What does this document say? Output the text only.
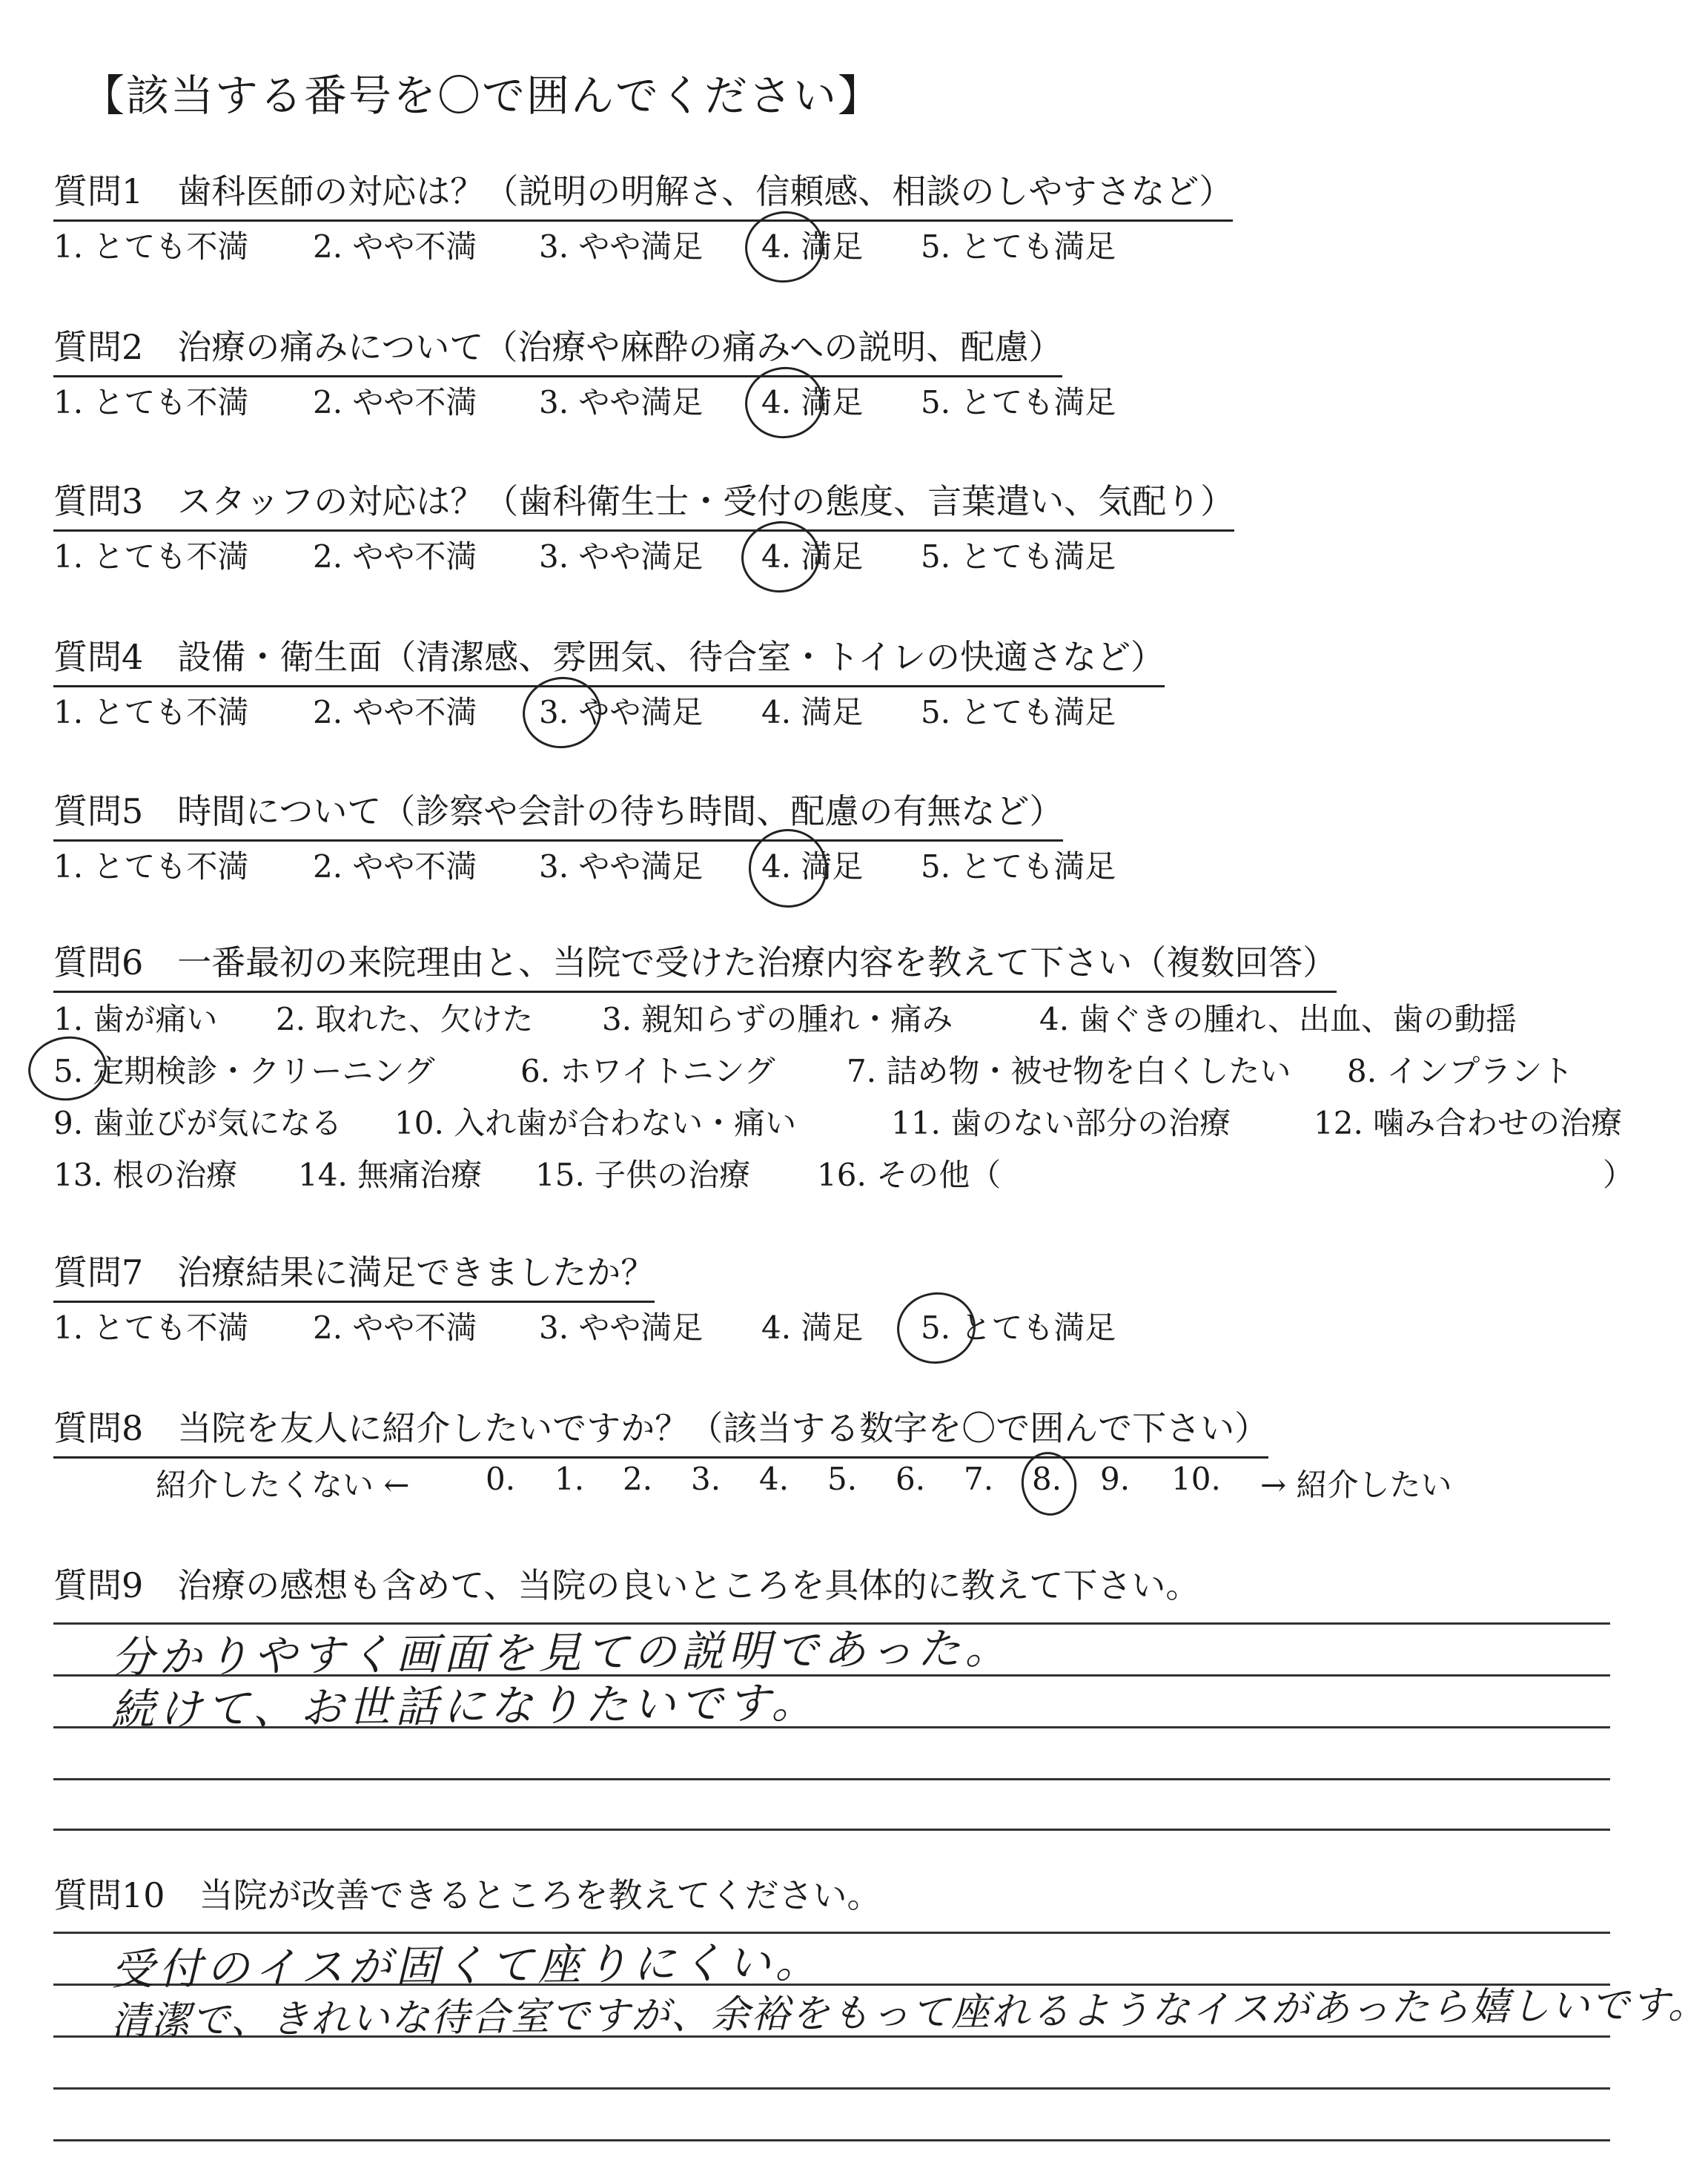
【該当する番号を〇で囲んでください】
質問1　歯科医師の対応は？（説明の明解さ、信頼感、相談のしやすさなど）
1. とても不満 2. やや不満 3. やや満足 4. 満足 5. とても満足
質問2　治療の痛みについて（治療や麻酔の痛みへの説明、配慮）
1. とても不満 2. やや不満 3. やや満足 4. 満足 5. とても満足
質問3　スタッフの対応は？（歯科衛生士・受付の態度、言葉遣い、気配り）
1. とても不満 2. やや不満 3. やや満足 4. 満足 5. とても満足
質問4　設備・衛生面（清潔感、雰囲気、待合室・トイレの快適さなど）
1. とても不満 2. やや不満 3. やや満足 4. 満足 5. とても満足
質問5　時間について（診察や会計の待ち時間、配慮の有無など）
1. とても不満 2. やや不満 3. やや満足 4. 満足 5. とても満足
質問6　一番最初の来院理由と、当院で受けた治療内容を教えて下さい（複数回答）
1. 歯が痛い 2. 取れた、欠けた 3. 親知らずの腫れ・痛み	4. 歯ぐきの腫れ、出血、歯の動揺
5. 定期検診・クリーニング	6. ホワイトニング 7. 詰め物・被せ物を白くしたい 8. インプラント
9. 歯並びが気になる 10. 入れ歯が合わない・痛い	11. 歯のない部分の治療	12. 噛み合わせの治療
13. 根の治療 14. 無痛治療 15. 子供の治療 16. その他（	）
質問7　治療結果に満足できましたか？
1. とても不満 2. やや不満 3. やや満足 4. 満足 5. とても満足
質問8　当院を友人に紹介したいですか？（該当する数字を〇で囲んで下さい）
紹介したくない ← 0. 1. 2. 3. 4. 5. 6. 7. 8. 9. 10. → 紹介したい
質問9　治療の感想も含めて、当院の良いところを具体的に教えて下さい。
分かりやすく画面を見ての説明であった。
続けて、お世話になりたいです。
質問10　当院が改善できるところを教えてください。
受付のイスが固くて座りにくい。
清潔で、きれいな待合室ですが、余裕をもって座れるようなイスがあったら嬉しいです。
